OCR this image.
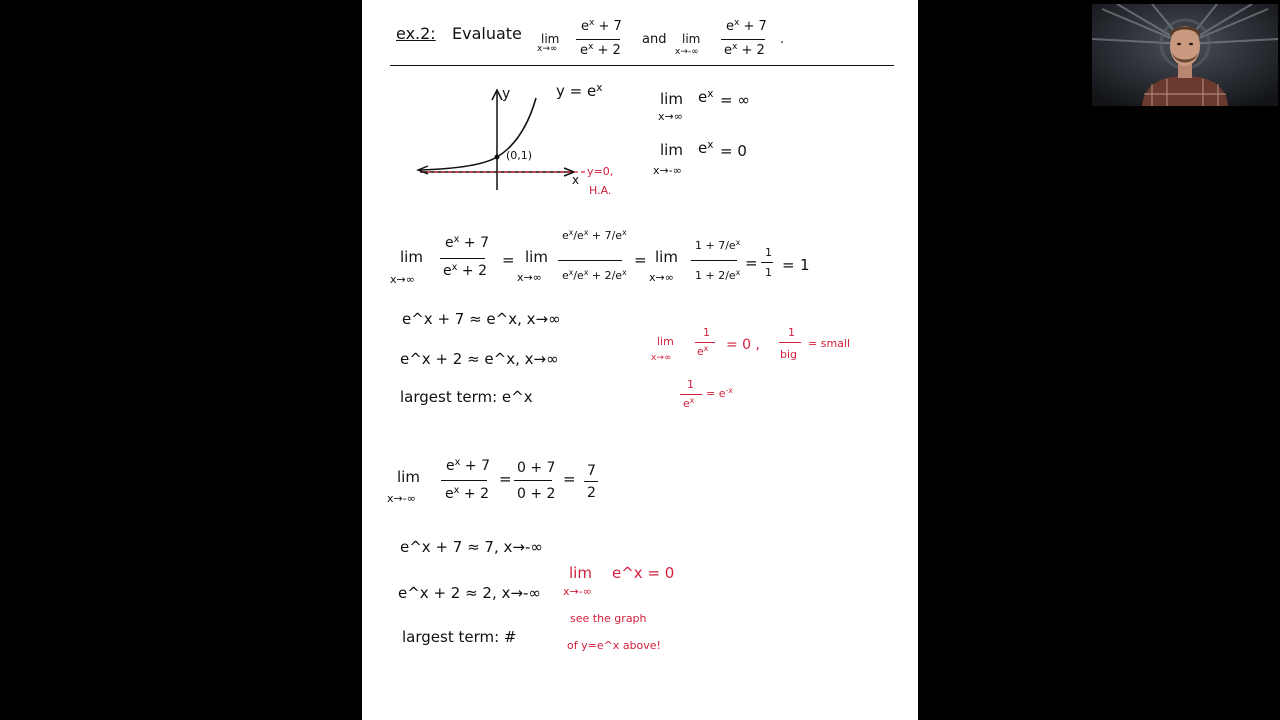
ex.2: Evaluate lim
x→∞
$e^x + 7$
$e^x + 2$
and lim
x→-∞
$e^x + 7$
$e^x + 2$
.
y
x
$y = e^x$
(0,1)
y=0,
H.A.
lim
x→∞
$e^x$ = ∞
lim
x→-∞
$e^x = 0$
lim
x→∞
$e^x + 7$
$e^x + 2$
= lim
x→∞
$e^x/e^x + 7/e^x$
$e^x/e^x + 2/e^x$
= lim
x→∞
$1 + 7/e^x$
$1 + 2/e^x$
=
1
1 = 1
e^x + 7 ≈ e^x, x→∞
e^x + 2 ≈ e^x, x→∞
largest term: e^x
lim
x→∞
1
$e^x = 0$ ,
1
big
= small
1
$e^x$
= $e^{-x}$
lim
x→-∞
$e^x + 7$
$e^x + 2$
=
0 + 7
0 + 2
= 7
2
e^x + 7 ≈ 7, x→-∞
e^x + 2 ≈ 2, x→-∞
largest term: #
lim
x→-∞
e^x = 0
see the graph
of y=e^x above!
